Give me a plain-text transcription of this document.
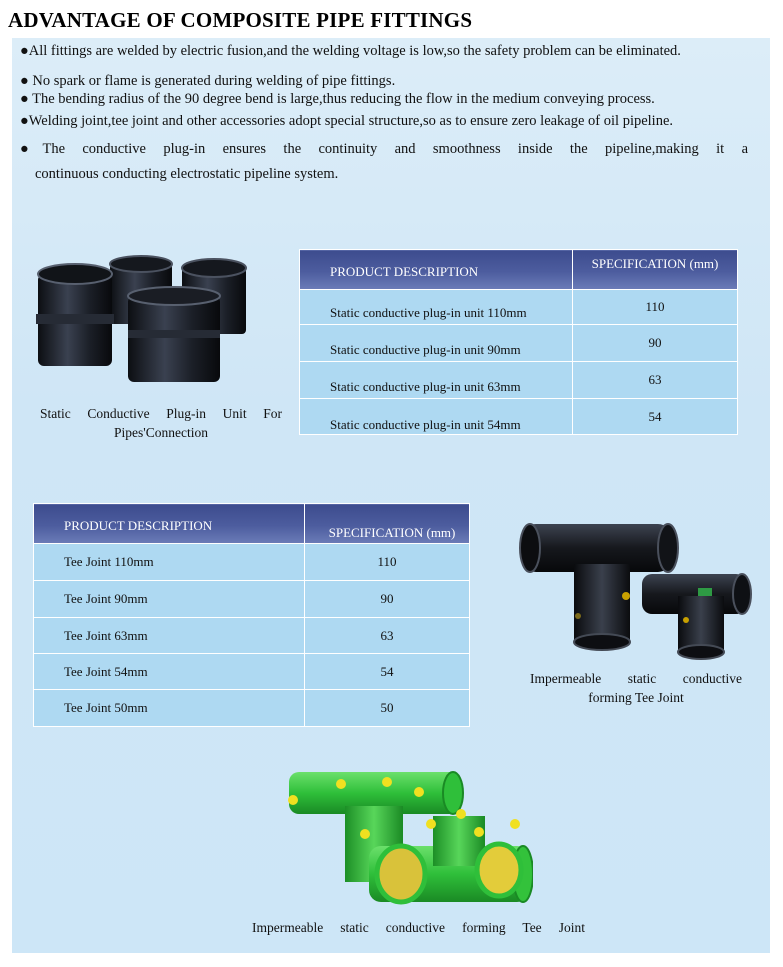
ADVANTAGE OF COMPOSITE PIPE FITTINGS

●All fittings are welded by electric fusion,and the welding voltage is low,so the safety problem can be eliminated.

● No spark or flame is generated during welding of pipe fittings.

● The bending radius of the 90 degree bend is large,thus reducing the flow in the medium conveying process.

●Welding joint,tee joint and other accessories adopt special structure,so as to ensure zero leakage of oil pipeline.

●The conductive plug-in ensures the continuity and smoothness inside the pipeline,making it a
continuous conducting electrostatic pipeline system.
Static Conductive Plug-in Unit For Pipes'Connection
PRODUCT DESCRIPTION	SPECIFICATION (mm)
Static conductive plug-in unit 110mm	110
Static conductive plug-in unit 90mm	90
Static conductive plug-in unit 63mm	63
Static conductive plug-in unit 54mm	54
PRODUCT DESCRIPTION	SPECIFICATION (mm)
Tee Joint 110mm	110
Tee Joint 90mm	90
Tee Joint 63mm	63
Tee Joint 54mm	54
Tee Joint 50mm	50
Impermeable static conductive forming Tee Joint
Impermeable static conductive forming Tee Joint
